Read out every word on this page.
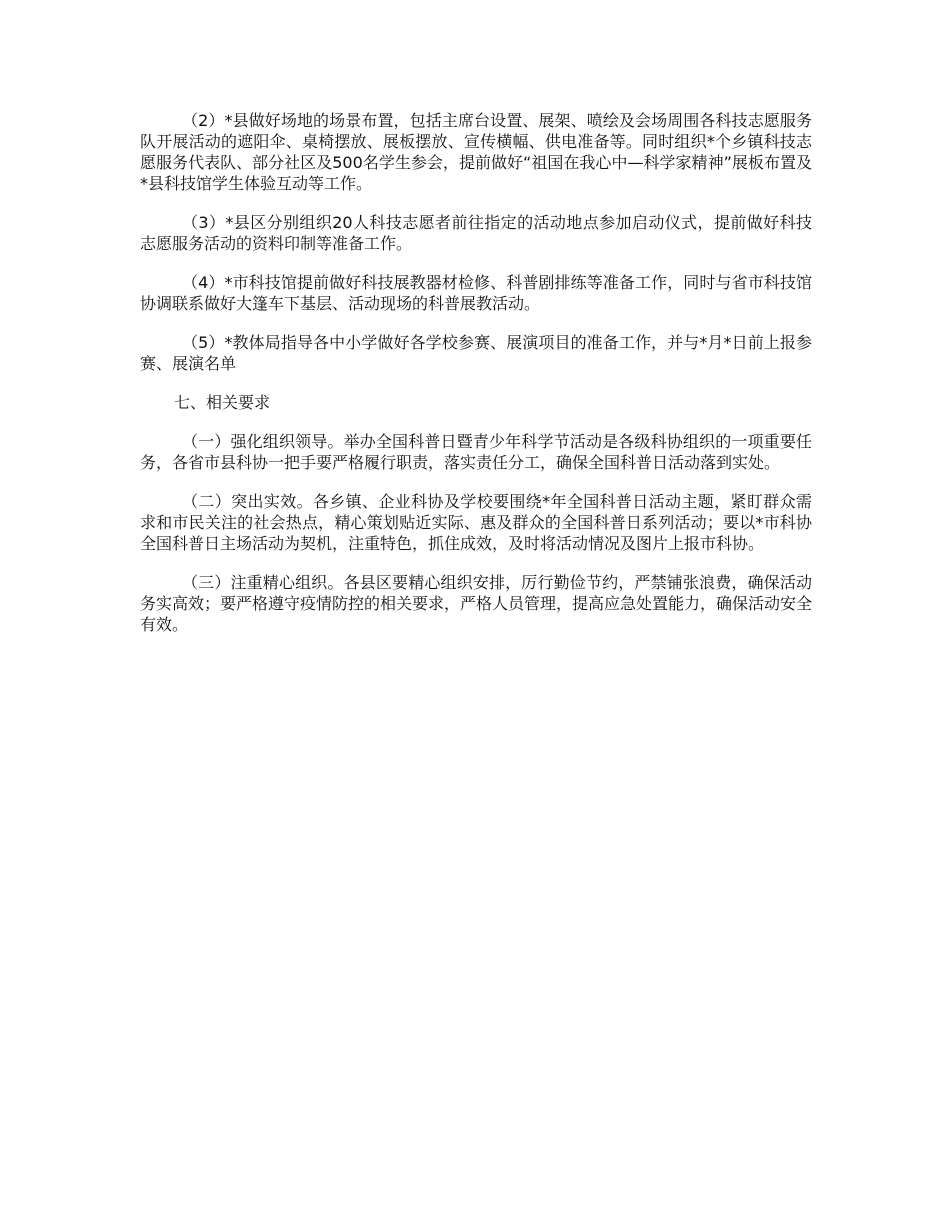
（2）*县做好场地的场景布置，包括主席台设置、展架、喷绘及会场周围各科技志愿服务队开展活动的遮阳伞、桌椅摆放、展板摆放、宣传横幅、供电准备等。同时组织*个乡镇科技志愿服务代表队、部分社区及500名学生参会，提前做好“祖国在我心中—科学家精神”展板布置及*县科技馆学生体验互动等工作。

（3）*县区分别组织20人科技志愿者前往指定的活动地点参加启动仪式，提前做好科技志愿服务活动的资料印制等准备工作。

（4）*市科技馆提前做好科技展教器材检修、科普剧排练等准备工作，同时与省市科技馆协调联系做好大篷车下基层、活动现场的科普展教活动。

（5）*教体局指导各中小学做好各学校参赛、展演项目的准备工作，并与*月*日前上报参赛、展演名单

七、相关要求

（一）强化组织领导。举办全国科普日暨青少年科学节活动是各级科协组织的一项重要任务，各省市县科协一把手要严格履行职责，落实责任分工，确保全国科普日活动落到实处。

（二）突出实效。各乡镇、企业科协及学校要围绕*年全国科普日活动主题，紧盯群众需求和市民关注的社会热点，精心策划贴近实际、惠及群众的全国科普日系列活动；要以*市科协全国科普日主场活动为契机，注重特色，抓住成效，及时将活动情况及图片上报市科协。

（三）注重精心组织。各县区要精心组织安排，厉行勤俭节约，严禁铺张浪费，确保活动务实高效；要严格遵守疫情防控的相关要求，严格人员管理，提高应急处置能力，确保活动安全有效。
